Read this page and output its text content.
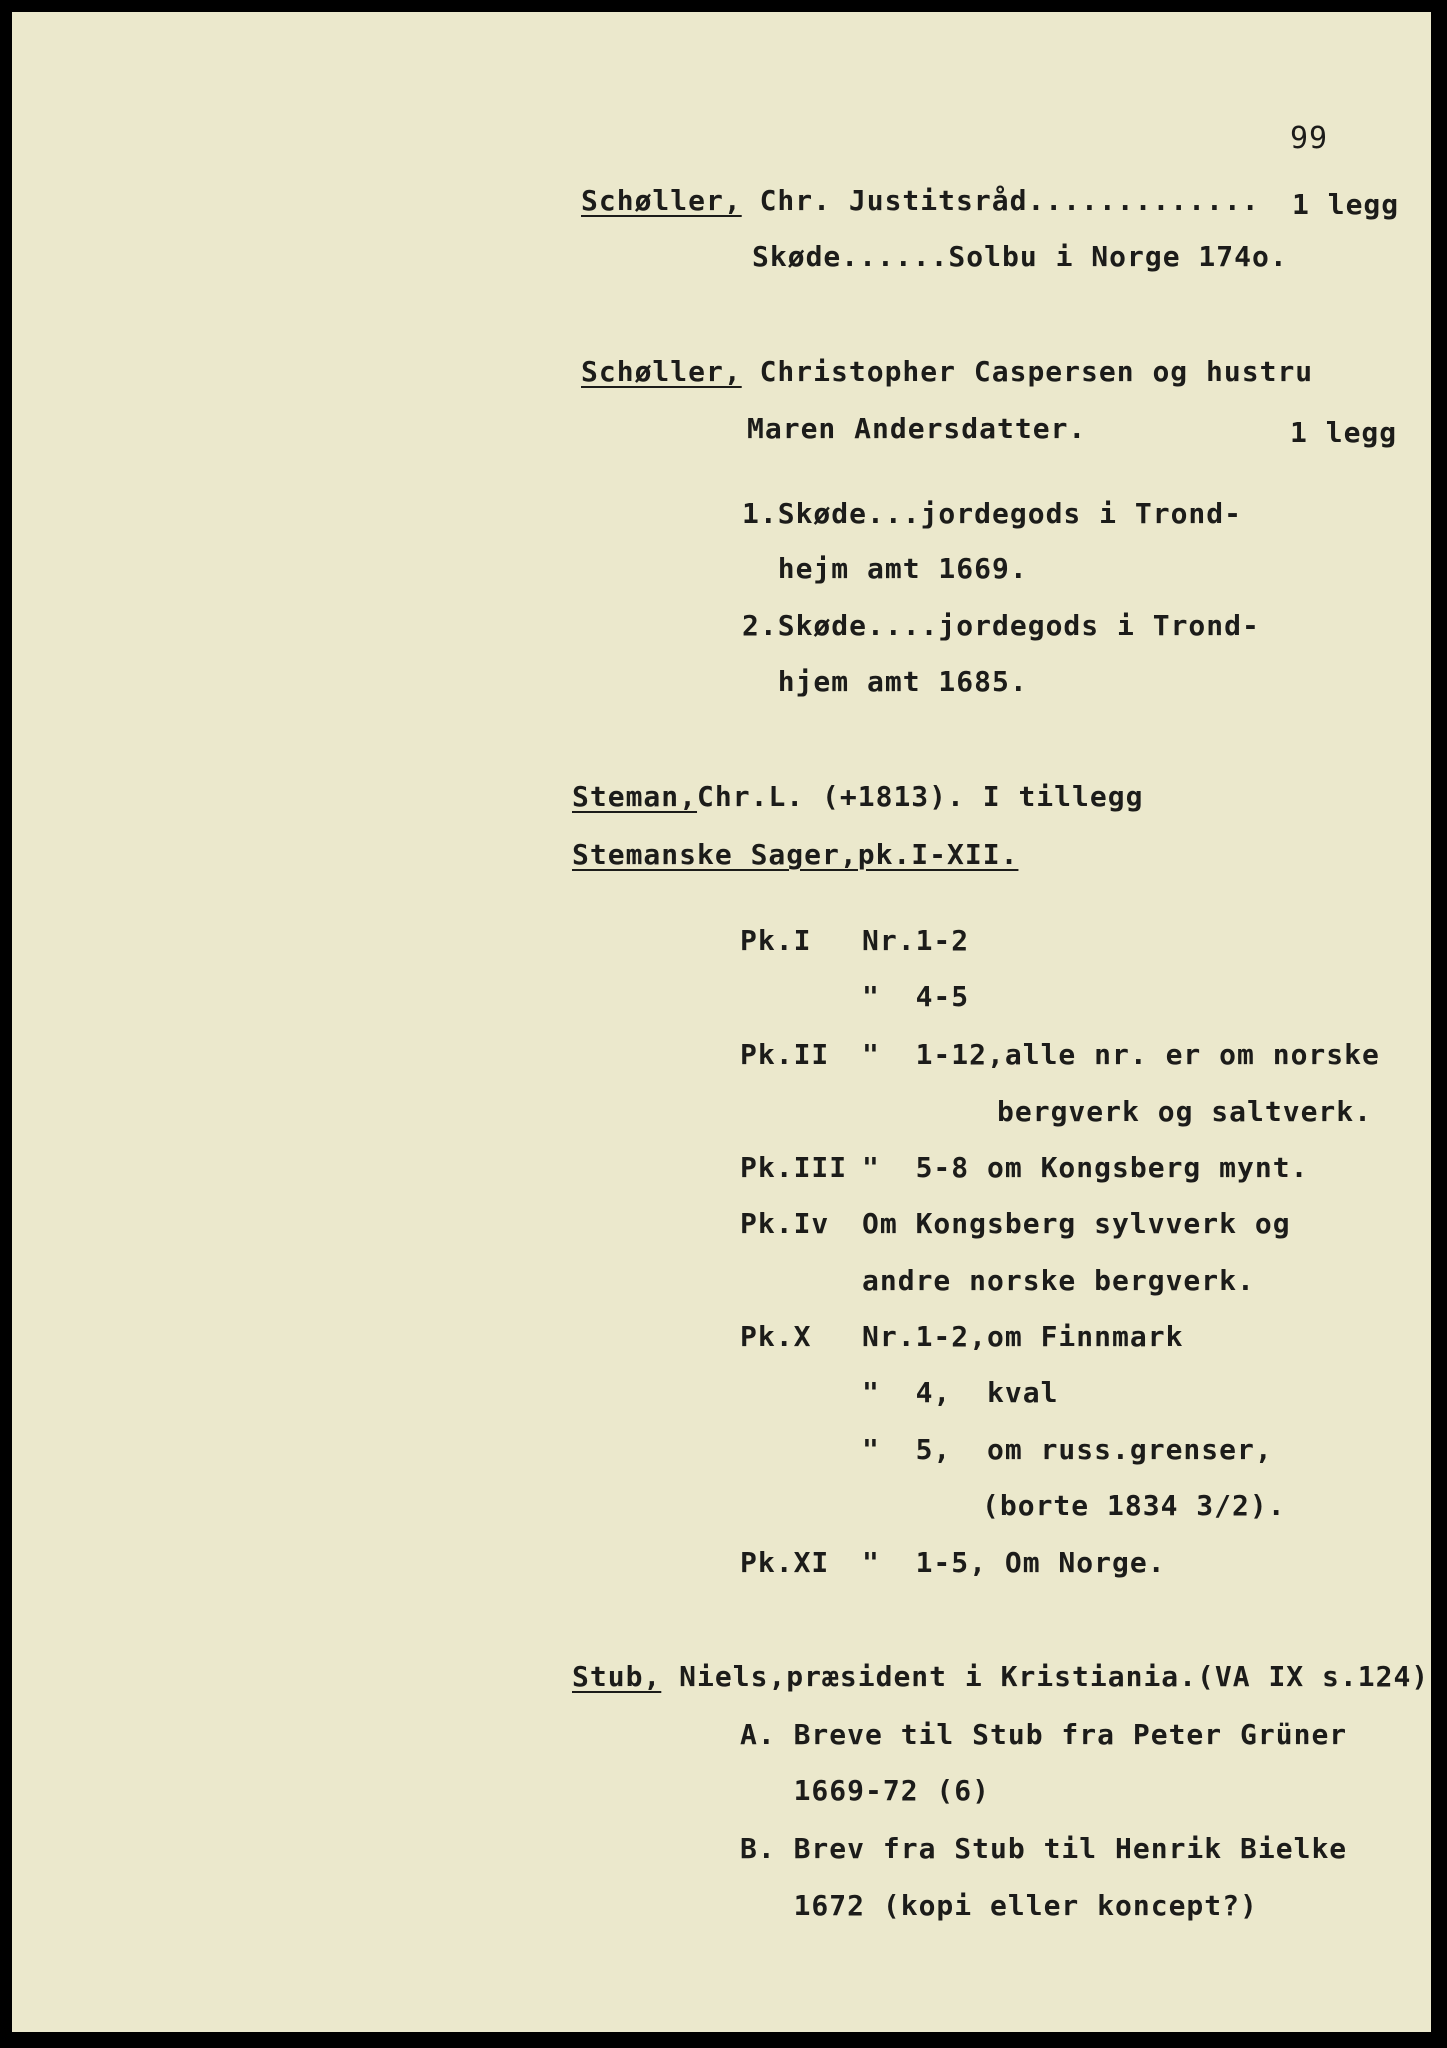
99
Schøller, Chr. Justitsråd............. 1 legg
Skøde......Solbu i Norge 174o.
Schøller, Christopher Caspersen og hustru
Maren Andersdatter.	1 legg
1.Skøde...jordegods i Trond-
hejm amt 1669.
2.Skøde....jordegods i Trond-
hjem amt 1685.
Steman,Chr.L. (+1813). I tillegg
Stemanske Sager,pk.I-XII.
Pk.I Nr.1-2
"  4-5
Pk.II "  1-12,alle nr. er om norske
bergverk og saltverk.
Pk.III "  5-8 om Kongsberg mynt.
Pk.Iv Om Kongsberg sylvverk og
andre norske bergverk.
Pk.X Nr.1-2,om Finnmark
"  4,  kval
"  5,  om russ.grenser,
(borte 1834 3/2).
Pk.XI "  1-5, Om Norge.
Stub, Niels,præsident i Kristiania.(VA IX s.124)
A. Breve til Stub fra Peter Grüner
1669-72 (6)
B. Brev fra Stub til Henrik Bielke
1672 (kopi eller koncept?)
